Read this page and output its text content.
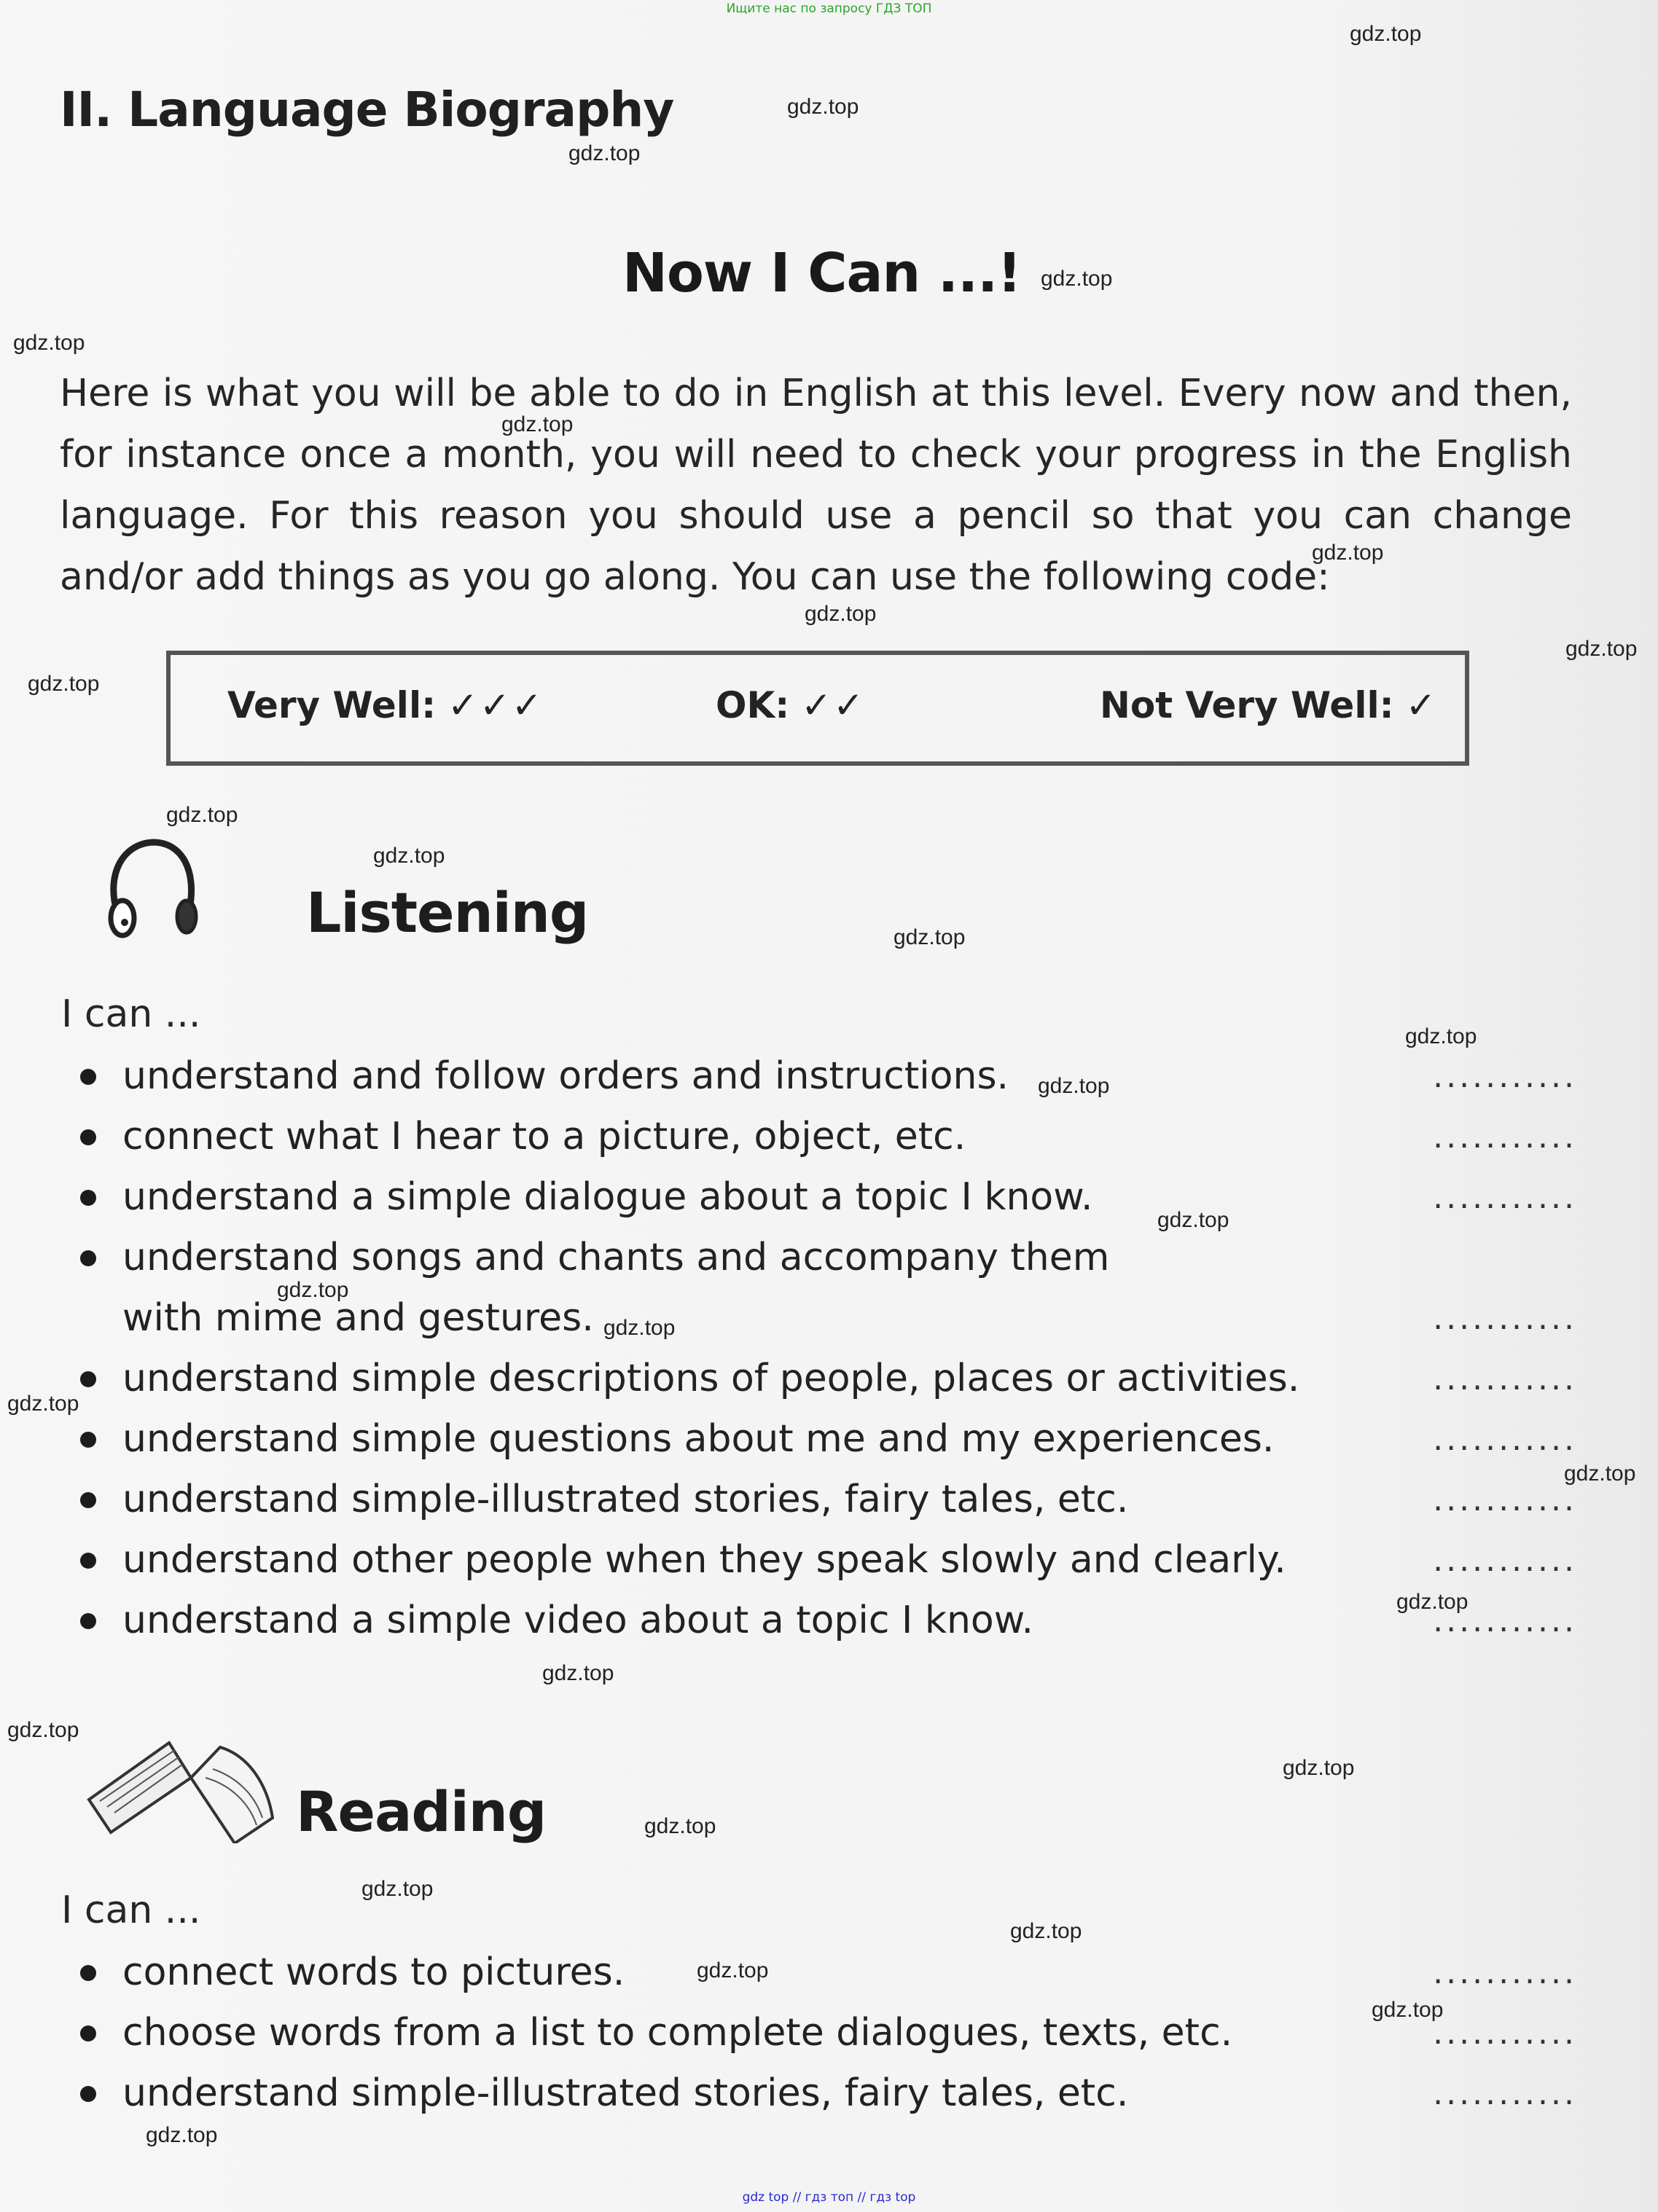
Ищите нас по запросу ГДЗ ТОП
II. Language Biography
Now I Can ...!
Here is what you will be able to do in English at this level. Every now and then, for instance once a month, you will need to check your progress in the English language. For this reason you should use a pencil so that you can change and/or add things as you go along. You can use the following code:
Very Well: ✓✓✓	OK: ✓✓	Not Very Well: ✓
Listening
I can ...
understand and follow orders and instructions.	...........
connect what I hear to a picture, object, etc.	...........
understand a simple dialogue about a topic I know.	...........
understand songs and chants and accompany them
with mime and gestures.	...........
understand simple descriptions of people, places or activities.	...........
understand simple questions about me and my experiences.	...........
understand simple-illustrated stories, fairy tales, etc.	...........
understand other people when they speak slowly and clearly.	...........
understand a simple video about a topic I know.	...........
Reading
I can ...
connect words to pictures.	...........
choose words from a list to complete dialogues, texts, etc.	...........
understand simple-illustrated stories, fairy tales, etc.	...........
gdz.top
gdz.top
gdz.top
gdz.top
gdz.top
gdz.top
gdz.top
gdz.top
gdz.top
gdz.top
gdz.top
gdz.top
gdz.top
gdz.top
gdz.top
gdz.top
gdz.top
gdz.top
gdz.top
gdz.top
gdz.top
gdz.top
gdz.top
gdz.top
gdz.top
gdz.top
gdz.top
gdz.top
gdz.top
gdz.top
gdz top // гдз топ // гдз top
